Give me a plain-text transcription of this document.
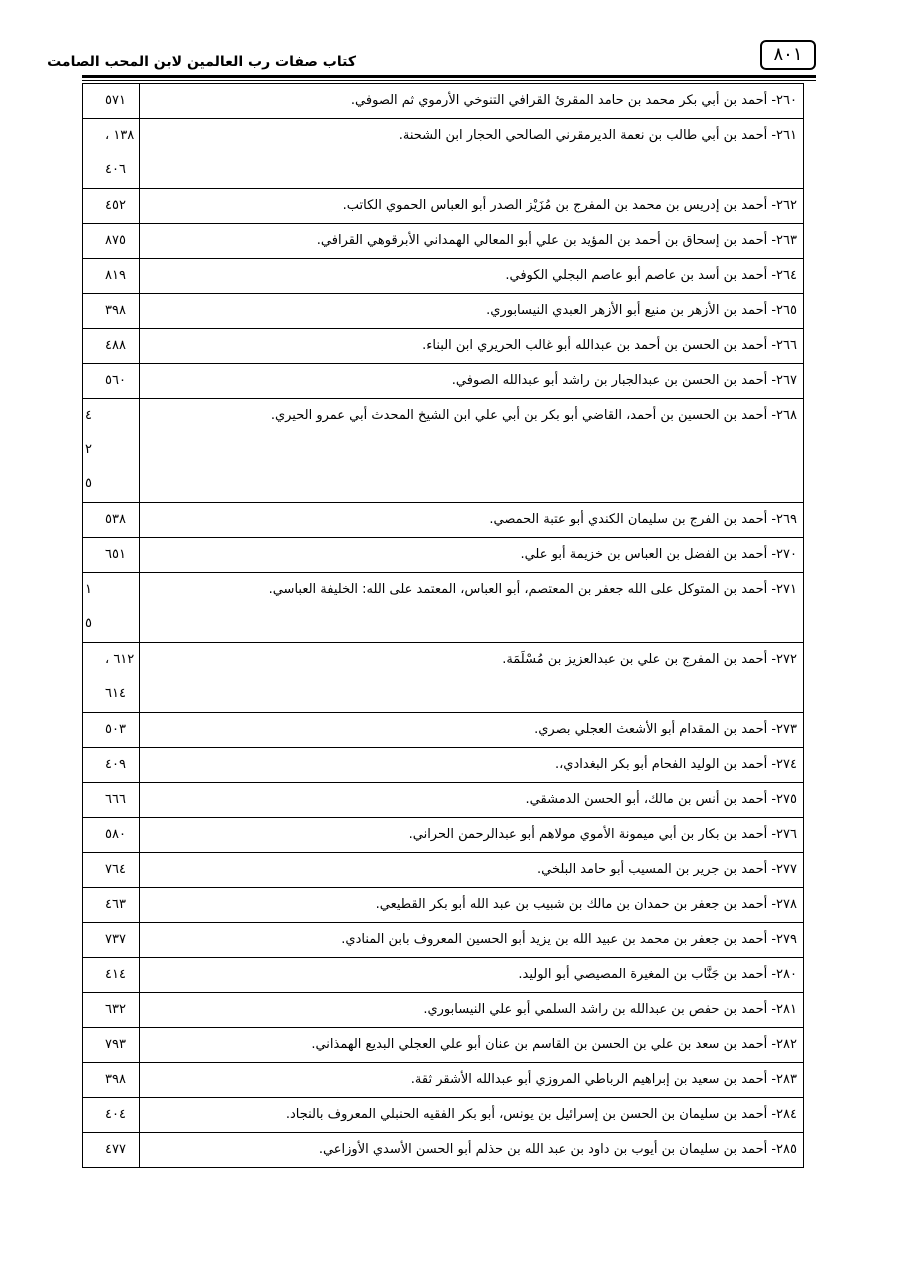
٨٠١
كتاب صفات رب العالمين لابن المحب الصامت
٢٦٠- أحمد بن أبي بكر محمد بن حامد المقرئ القرافي التنوخي الأرموي ثم الصوفي.	٥٧١

٢٦١- أحمد بن أبي طالب بن نعمة الديرمقرني الصالحي الحجار ابن الشحنة.	١٣٨ ،
٤٠٦

٢٦٢- أحمد بن إدريس بن محمد بن المفرج بن مُزَيْز الصدر أبو العباس الحموي الكاتب.	٤٥٢

٢٦٣- أحمد بن إسحاق بن أحمد بن المؤيد بن علي أبو المعالي الهمداني الأبرقوهي القرافي.	٨٧٥

٢٦٤- أحمد بن أسد بن عاصم أبو عاصم البجلي الكوفي.	٨١٩

٢٦٥- أحمد بن الأزهر بن منيع أبو الأزهر العبدي النيسابوري.	٣٩٨

٢٦٦- أحمد بن الحسن بن أحمد بن عبدالله أبو غالب الحريري ابن البناء.	٤٨٨

٢٦٧- أحمد بن الحسن بن عبدالجبار بن راشد أبو عبدالله الصوفي.	٥٦٠

٢٦٨- أحمد بن الحسين بن أحمد، القاضي أبو بكر بن أبي علي ابن الشيخ المحدث أبي عمرو الحيري.	٤
٢
٥

٢٦٩- أحمد بن الفرج بن سليمان الكندي أبو عتبة الحمصي.	٥٣٨

٢٧٠- أحمد بن الفضل بن العباس بن خزيمة أبو علي.	٦٥١

٢٧١- أحمد بن المتوكل على الله جعفر بن المعتصم، أبو العباس، المعتمد على الله: الخليفة العباسي.	١
٥

٢٧٢- أحمد بن المفرج بن علي بن عبدالعزيز بن مُسْلَمَة.	٦١٢ ،
٦١٤

٢٧٣- أحمد بن المقدام أبو الأشعث العجلي بصري.	٥٠٣

٢٧٤- أحمد بن الوليد الفحام أبو بكر البغدادي،.	٤٠٩

٢٧٥- أحمد بن أنس بن مالك، أبو الحسن الدمشقي.	٦٦٦

٢٧٦- أحمد بن بكار بن أبي ميمونة الأموي مولاهم أبو عبدالرحمن الحراني.	٥٨٠

٢٧٧- أحمد بن جرير بن المسيب أبو حامد البلخي.	٧٦٤

٢٧٨- أحمد بن جعفر بن حمدان بن مالك بن شبيب بن عبد الله أبو بكر القطيعي.	٤٦٣

٢٧٩- أحمد بن جعفر بن محمد بن عبيد الله بن يزيد أبو الحسين المعروف بابن المنادي.	٧٣٧

٢٨٠- أحمد بن جَنَّاب بن المغيرة المصيصي أبو الوليد.	٤١٤

٢٨١- أحمد بن حفص بن عبدالله بن راشد السلمي أبو علي النيسابوري.	٦٣٢

٢٨٢- أحمد بن سعد بن علي بن الحسن بن القاسم بن عنان أبو علي العجلي البديع الهمذاني.	٧٩٣

٢٨٣- أحمد بن سعيد بن إبراهيم الرباطي المروزي أبو عبدالله الأشقر ثقة.	٣٩٨

٢٨٤- أحمد بن سليمان بن الحسن بن إسرائيل بن يونس، أبو بكر الفقيه الحنبلي المعروف بالنجاد.	٤٠٤

٢٨٥- أحمد بن سليمان بن أيوب بن داود بن عبد الله بن حذلم أبو الحسن الأسدي الأوزاعي.	٤٧٧
